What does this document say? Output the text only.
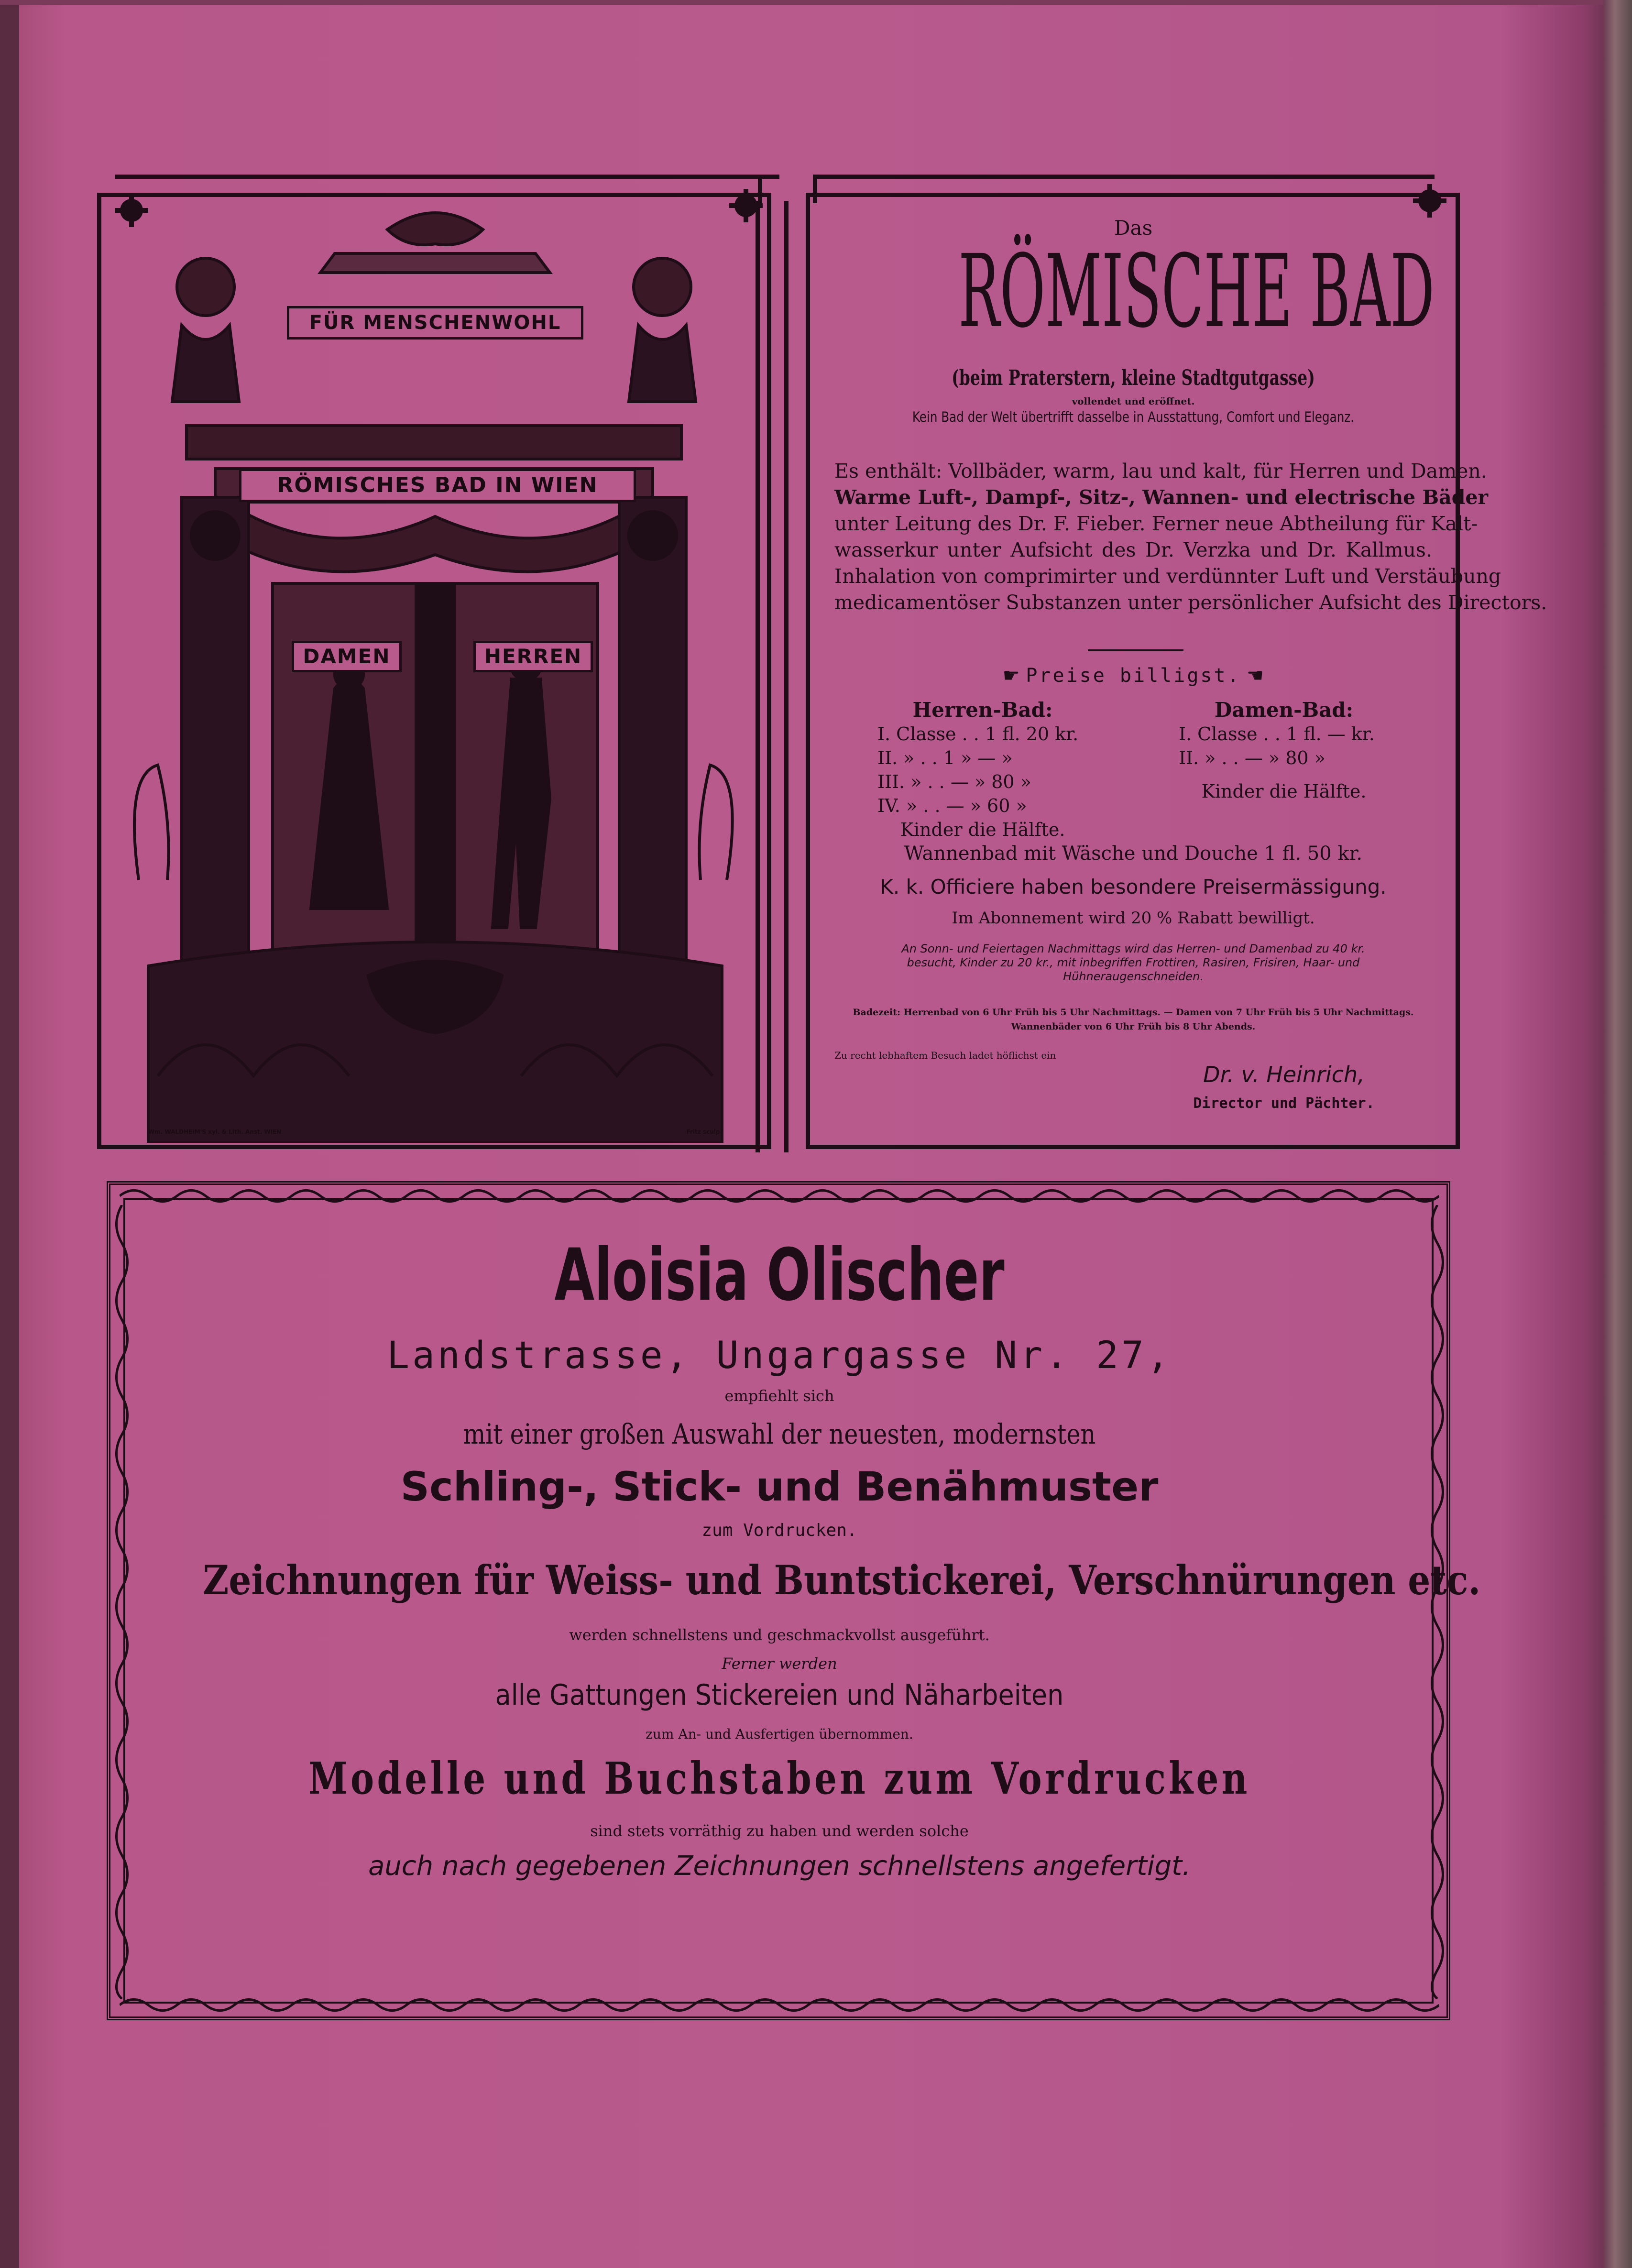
FÜR MENSCHENWOHL
RÖMISCHES BAD IN WIEN
DAMEN	HERREN
Wm. WALDHEIM'S xyl. & Lith. Anst. WIEN	Fritz sculp.
Das
RÖMISCHE BAD
(beim Praterstern, kleine Stadtgutgasse)
vollendet und eröffnet.
Kein Bad der Welt übertrifft dasselbe in Ausstattung, Comfort und Eleganz.
Es enthält: Vollbäder, warm, lau und kalt, für Herren und Damen.
Warme Luft-, Dampf-, Sitz-, Wannen- und electrische Bäder
unter Leitung des Dr. F. Fieber. Ferner neue Abtheilung für Kalt-
wasserkur unter Aufsicht des Dr. Verzka und Dr. Kallmus.
Inhalation von comprimirter und verdünnter Luft und Verstäubung
medicamentöser Substanzen unter persönlicher Aufsicht des Directors.
☛ Preise billigst. ☛
Herren-Bad:
I. Classe . . 1 fl. 20 kr.
II. » . . 1 » — »
III. » . . — » 80 »
IV. » . . — » 60 »
Kinder die Hälfte.
Damen-Bad:
I. Classe . . 1 fl. — kr.
II. » . . — » 80 »
Kinder die Hälfte.
Wannenbad mit Wäsche und Douche 1 fl. 50 kr.
K. k. Officiere haben besondere Preisermässigung.
Im Abonnement wird 20 % Rabatt bewilligt.
An Sonn- und Feiertagen Nachmittags wird das Herren- und Damenbad zu 40 kr.
besucht, Kinder zu 20 kr., mit inbegriffen Frottiren, Rasiren, Frisiren, Haar- und
Hühneraugenschneiden.
Badezeit: Herrenbad von 6 Uhr Früh bis 5 Uhr Nachmittags. — Damen von 7 Uhr Früh bis 5 Uhr Nachmittags.
Wannenbäder von 6 Uhr Früh bis 8 Uhr Abends.
Zu recht lebhaftem Besuch ladet höflichst ein
Dr. v. Heinrich,
Director und Pächter.
Aloisia Olischer
Landstrasse, Ungargasse Nr. 27,
empfiehlt sich
mit einer großen Auswahl der neuesten, modernsten
Schling-, Stick- und Benähmuster
zum Vordrucken.
Zeichnungen für Weiss- und Buntstickerei, Verschnürungen etc.
werden schnellstens und geschmackvollst ausgeführt.
Ferner werden
alle Gattungen Stickereien und Näharbeiten
zum An- und Ausfertigen übernommen.
Modelle und Buchstaben zum Vordrucken
sind stets vorräthig zu haben und werden solche
auch nach gegebenen Zeichnungen schnellstens angefertigt.
